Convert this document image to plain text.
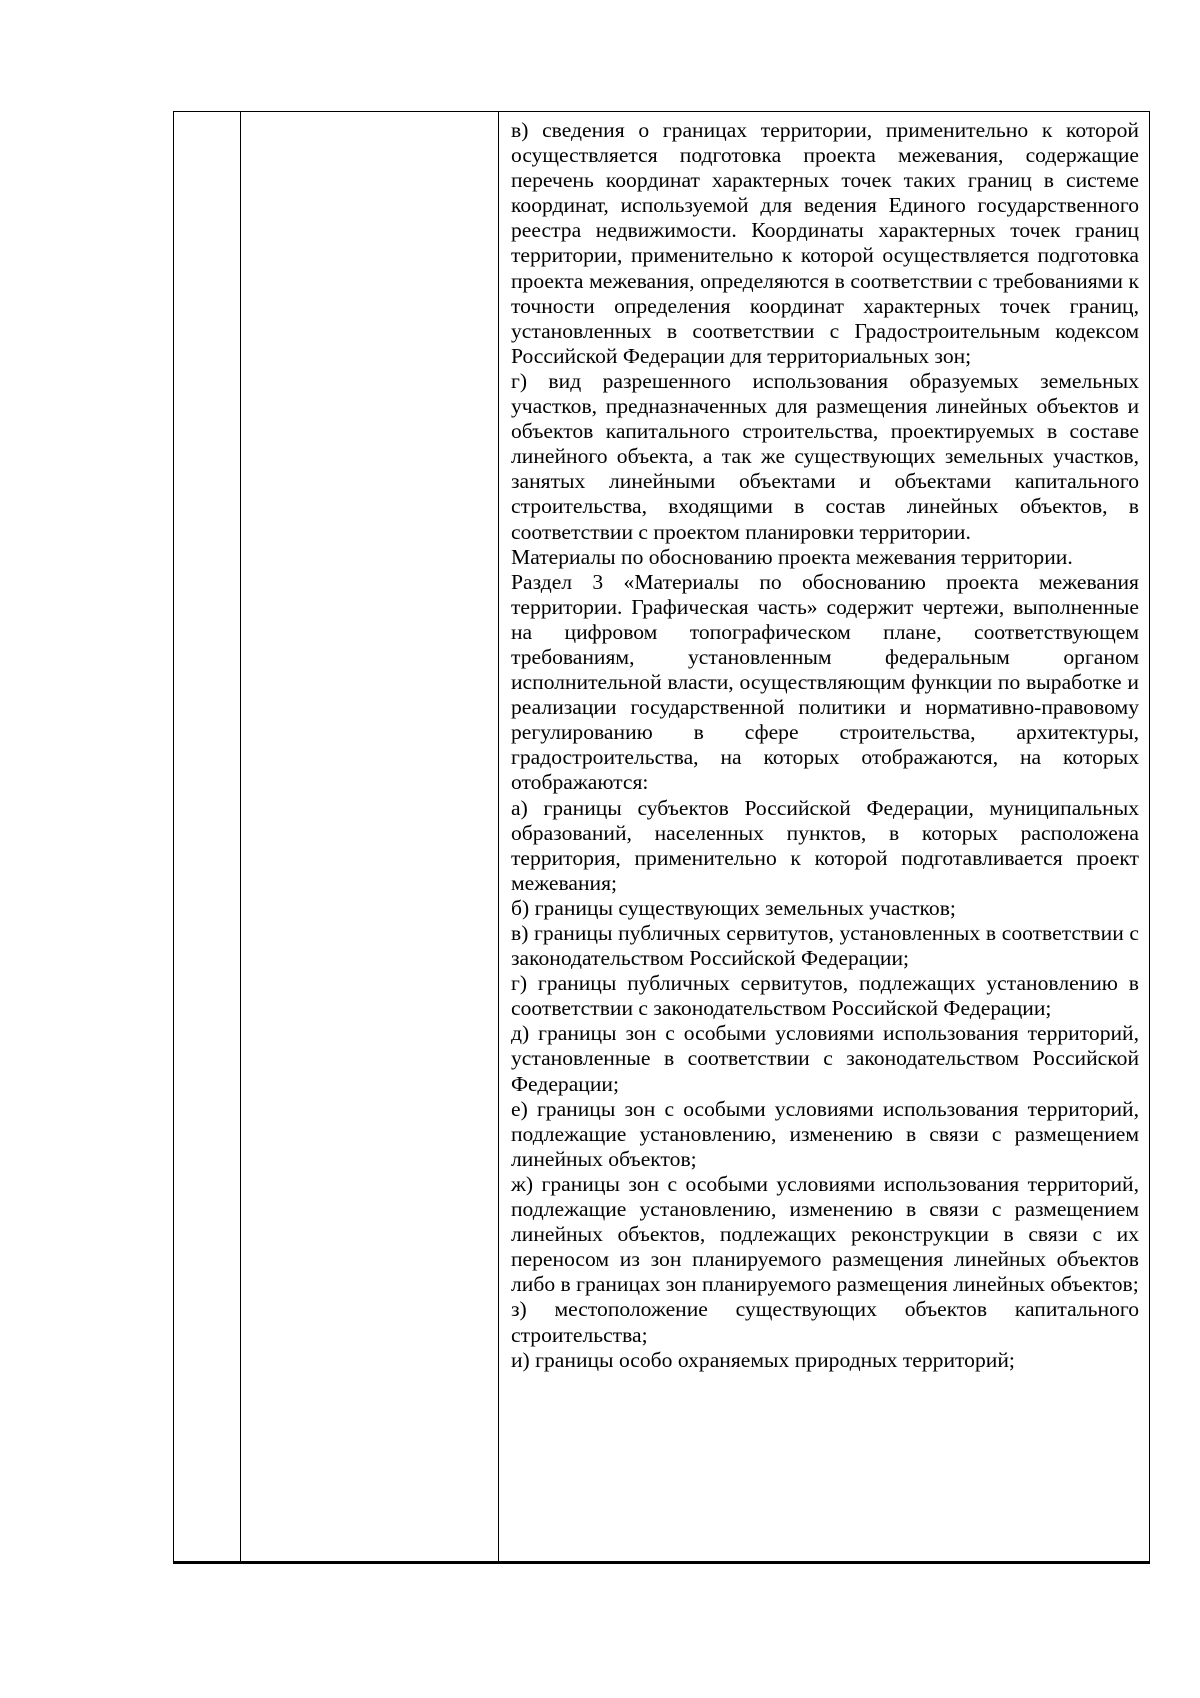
в) сведения о границах территории, применительно к которой осуществляется подготовка проекта межевания, содержащие перечень координат характерных точек таких границ в системе координат, используемой для ведения Единого государственного реестра недвижимости. Координаты характерных точек границ территории, применительно к которой осуществляется подготовка проекта межевания, определяются в соответствии с требованиями к точности определения координат характерных точек границ, установленных в соответствии с Градостроительным кодексом Российской Федерации для территориальных зон;

г) вид разрешенного использования образуемых земельных участков, предназначенных для размещения линейных объектов и объектов капитального строительства, проектируемых в составе линейного объекта, а так же существующих земельных участков, занятых линейными объектами и объектами капитального строительства, входящими в состав линейных объектов, в соответствии с проектом планировки территории.

Материалы по обоснованию проекта межевания территории.

Раздел 3 «Материалы по обоснованию проекта межевания территории. Графическая часть» содержит чертежи, выполненные на цифровом топографическом плане, соответствующем требованиям, установленным федеральным органом исполнительной власти, осуществляющим функции по выработке и реализации государственной политики и нормативно-правовому регулированию в сфере строительства, архитектуры, градостроительства, на которых отображаются, на которых отображаются:

а) границы субъектов Российской Федерации, муниципальных образований, населенных пунктов, в которых расположена территория, применительно к которой подготавливается проект межевания;

б) границы существующих земельных участков;

в) границы публичных сервитутов, установленных в соответствии с законодательством Российской Федерации;

г) границы публичных сервитутов, подлежащих установлению в соответствии с законодательством Российской Федерации;

д) границы зон с особыми условиями использования территорий, установленные в соответствии с законодательством Российской Федерации;

е) границы зон с особыми условиями использования территорий, подлежащие установлению, изменению в связи с размещением линейных объектов;

ж) границы зон с особыми условиями использования территорий, подлежащие установлению, изменению в связи с размещением линейных объектов, подлежащих реконструкции в связи с их переносом из зон планируемого размещения линейных объектов либо в границах зон планируемого размещения линейных объектов;

з) местоположение существующих объектов капитального строительства;

и) границы особо охраняемых природных территорий;
